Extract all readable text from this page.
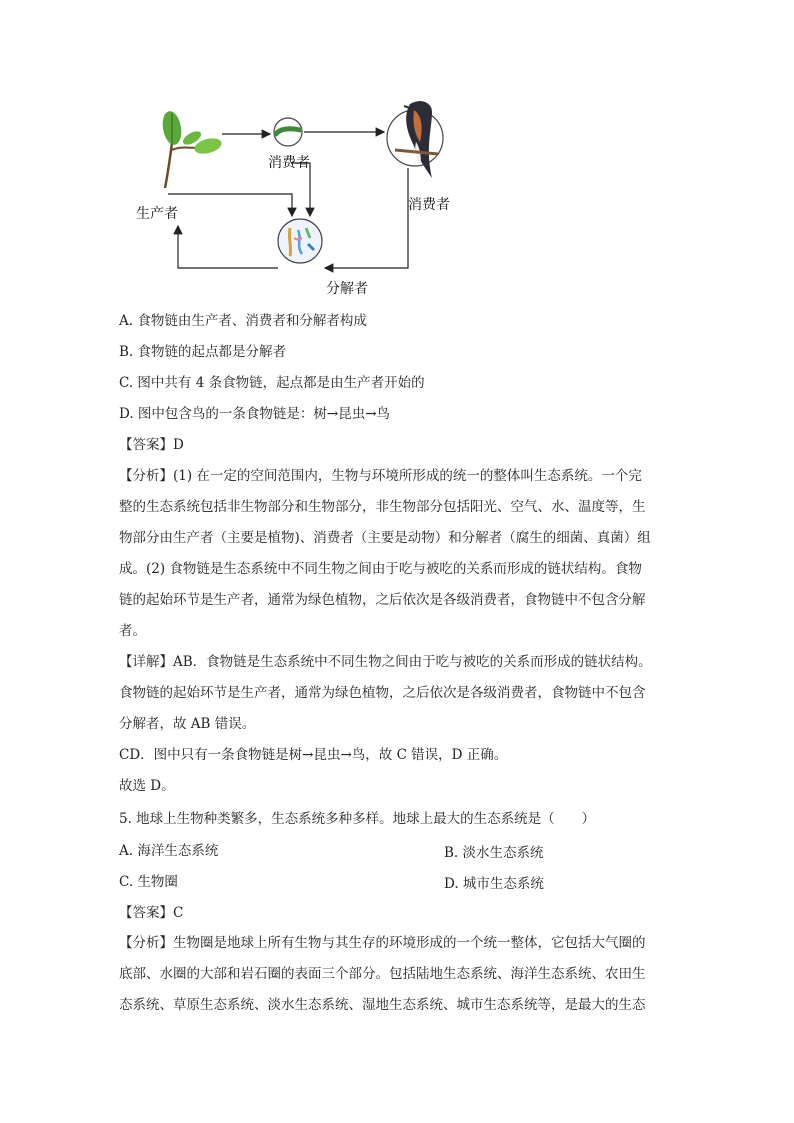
生产者
消费者
消费者
分解者
A. 食物链由生产者、消费者和分解者构成
B. 食物链的起点都是分解者
C. 图中共有 4 条食物链，起点都是由生产者开始的
D. 图中包含鸟的一条食物链是：树→昆虫→鸟
【答案】D
【分析】(1) 在一定的空间范围内，生物与环境所形成的统一的整体叫生态系统。一个完
整的生态系统包括非生物部分和生物部分，非生物部分包括阳光、空气、水、温度等，生
物部分由生产者（主要是植物)、消费者（主要是动物）和分解者（腐生的细菌、真菌）组
成。(2) 食物链是生态系统中不同生物之间由于吃与被吃的关系而形成的链状结构。食物
链的起始环节是生产者，通常为绿色植物，之后依次是各级消费者，食物链中不包含分解
者。
【详解】AB．食物链是生态系统中不同生物之间由于吃与被吃的关系而形成的链状结构。
食物链的起始环节是生产者，通常为绿色植物，之后依次是各级消费者，食物链中不包含
分解者，故 AB 错误。
CD．图中只有一条食物链是树→昆虫→鸟，故 C 错误，D 正确。
故选 D。
5. 地球上生物种类繁多，生态系统多种多样。地球上最大的生态系统是（　　）
A. 海洋生态系统	B. 淡水生态系统
C. 生物圈	D. 城市生态系统
【答案】C
【分析】生物圈是地球上所有生物与其生存的环境形成的一个统一整体，它包括大气圈的
底部、水圈的大部和岩石圈的表面三个部分。包括陆地生态系统、海洋生态系统、农田生
态系统、草原生态系统、淡水生态系统、湿地生态系统、城市生态系统等，是最大的生态
